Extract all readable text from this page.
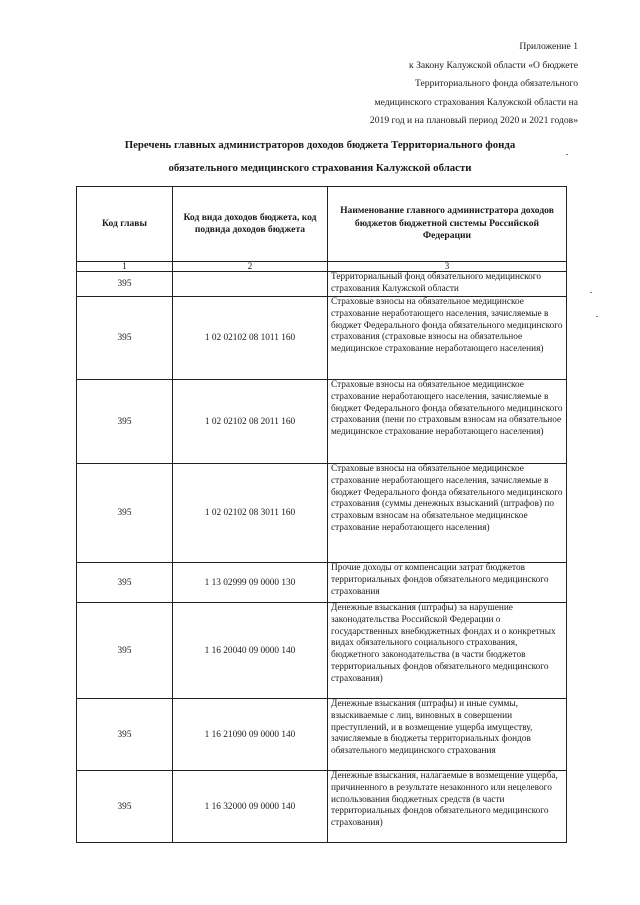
Приложение 1
к Закону Калужской области «О бюджете
Территориального фонда обязательного
медицинского страхования Калужской области на
2019 год и на плановый период 2020 и 2021 годов»
Перечень главных администраторов доходов бюджета Территориального фонда
обязательного медицинского страхования Калужской области
Код главы	Код вида доходов бюджета, код подвида доходов бюджета	Наименование главного администратора доходов бюджетов бюджетной системы Российской Федерации
1	2	3
395		Территориальный фонд обязательного медицинского страхования Калужской области
395	1 02 02102 08 1011 160	Страховые взносы на обязательное медицинское страхование неработающего населения, зачисляемые в бюджет Федерального фонда обязательного медицинского страхования (страховые взносы на обязательное медицинское страхование неработающего населения)
395	1 02 02102 08 2011 160	Страховые взносы на обязательное медицинское страхование неработающего населения, зачисляемые в бюджет Федерального фонда обязательного медицинского страхования (пени по страховым взносам на обязательное медицинское страхование неработающего населения)
395	1 02 02102 08 3011 160	Страховые взносы на обязательное медицинское страхование неработающего населения, зачисляемые в бюджет Федерального фонда обязательного медицинского страхования (суммы денежных взысканий (штрафов) по страховым взносам на обязательное медицинское страхование неработающего населения)
395	1 13 02999 09 0000 130	Прочие доходы от компенсации затрат бюджетов территориальных фондов обязательного медицинского страхования
395	1 16 20040 09 0000 140	Денежные взыскания (штрафы) за нарушение законодательства Российской Федерации о государственных внебюджетных фондах и о конкретных видах обязательного социального страхования, бюджетного законодательства (в части бюджетов территориальных фондов обязательного медицинского страхования)
395	1 16 21090 09 0000 140	Денежные взыскания (штрафы) и иные суммы, взыскиваемые с лиц, виновных в совершении преступлений, и в возмещение ущерба имуществу, зачисляемые в бюджеты территориальных фондов обязательного медицинского страхования
395	1 16 32000 09 0000 140	Денежные взыскания, налагаемые в возмещение ущерба, причиненного в результате незаконного или нецелевого использования бюджетных средств (в части территориальных фондов обязательного медицинского страхования)
